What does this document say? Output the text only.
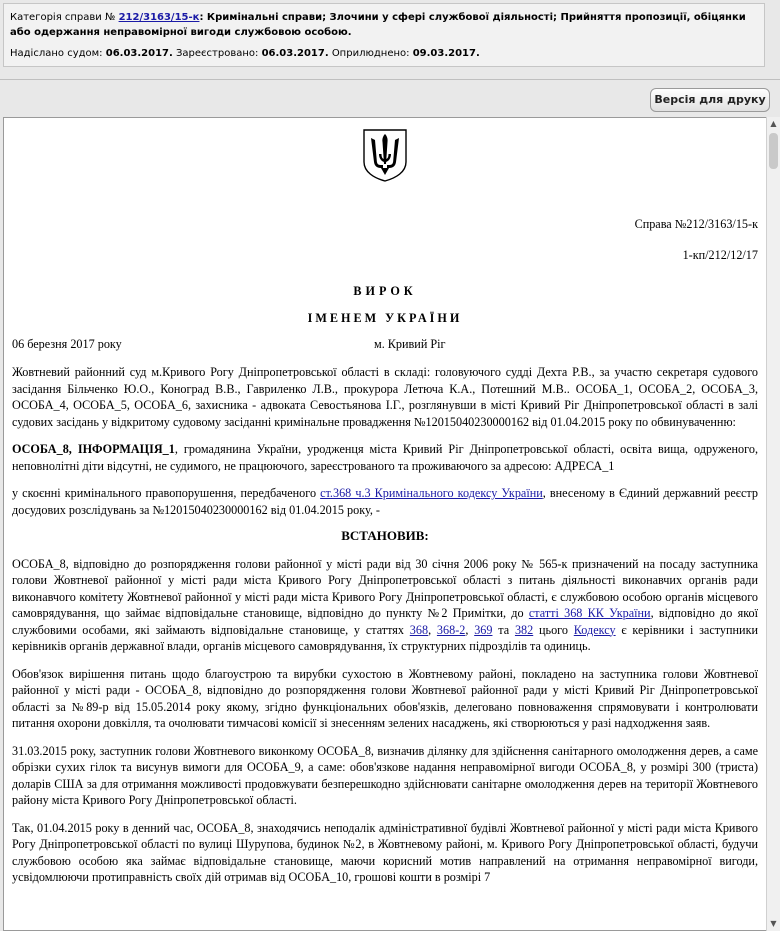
Категорія справи № 212/3163/15-к: Кримінальні справи; Злочини у сфері службової діяльності; Прийняття пропозиції, обіцянки або одержання неправомірної вигоди службовою особою.
Надіслано судом: 06.03.2017. Зареєстровано: 06.03.2017. Оприлюднено: 09.03.2017.
Версія для друку
Справа №212/3163/15-к
1-кп/212/12/17
ВИРОК
ІМЕНЕМ УКРАЇНИ
06 березня 2017 року	м. Кривий Ріг

Жовтневий районний суд м.Кривого Рогу Дніпропетровської області в складі: головуючого судді Дехта Р.В., за участю секретаря судового засідання Більченко Ю.О., Коноград В.В., Гавриленко Л.В., прокурора Летюча К.А., Потешний М.В.. ОСОБА_1, ОСОБА_2, ОСОБА_3, ОСОБА_4, ОСОБА_5, ОСОБА_6, захисника - адвоката Севостьянова І.Г., розглянувши в місті Кривий Ріг Дніпропетровської області в залі судових засідань у відкритому судовому засіданні кримінальне провадження №12015040230000162 від 01.04.2015 року по обвинуваченню:

ОСОБА_8, ІНФОРМАЦІЯ_1, громадянина України, уродженця міста Кривий Ріг Дніпропетровської області, освіта вища, одруженого, неповнолітні діти відсутні, не судимого, не працюючого, зареєстрованого та проживаючого за адресою: АДРЕСА_1

у скоєнні кримінального правопорушення, передбаченого ст.368 ч.3 Кримінального кодексу України, внесеному в Єдиний державний реєстр досудових розслідувань за №12015040230000162 від 01.04.2015 року, -

ВСТАНОВИВ:

ОСОБА_8, відповідно до розпорядження голови районної у місті ради від 30 січня 2006 року № 565-к призначений на посаду заступника голови Жовтневої районної у місті ради міста Кривого Рогу Дніпропетровської області з питань діяльності виконавчих органів ради виконавчого комітету Жовтневої районної у місті ради міста Кривого Рогу Дніпропетровської області, є службовою особою органів місцевого самоврядування, що займає відповідальне становище, відповідно до пункту №2 Примітки, до статті 368 КК України, відповідно до якої службовими особами, які займають відповідальне становище, у статтях 368, 368-2, 369 та 382 цього Кодексу є керівники і заступники керівників органів державної влади, органів місцевого самоврядування, їх структурних підрозділів та одиниць.

Обов'язок вирішення питань щодо благоустрою та вирубки сухостою в Жовтневому районі, покладено на заступника голови Жовтневої районної у місті ради - ОСОБА_8, відповідно до розпорядження голови Жовтневої районної ради у місті Кривий Ріг Дніпропетровської області за №89-р від 15.05.2014 року якому, згідно функціональних обов'язків, делеговано повноваження спрямовувати і контролювати питання охорони довкілля, та очолювати тимчасові комісії зі знесенням зелених насаджень, які створюються у разі надходження заяв.

31.03.2015 року, заступник голови Жовтневого виконкому ОСОБА_8, визначив ділянку для здійснення санітарного омолодження дерев, а саме обрізки сухих гілок та висунув вимоги для ОСОБА_9, а саме: обов'язкове надання неправомірної вигоди ОСОБА_8, у розмірі 300 (триста) доларів США за для отримання можливості продовжувати безперешкодно здійснювати санітарне омолодження дерев на території Жовтневого району міста Кривого Рогу Дніпропетровської області.

Так, 01.04.2015 року в денний час, ОСОБА_8, знаходячись неподалік адміністративної будівлі Жовтневої районної у місті ради міста Кривого Рогу Дніпропетровської області по вулиці Шурупова, будинок №2, в Жовтневому районі, м. Кривого Рогу Дніпропетровської області, будучи службовою особою яка займає відповідальне становище, маючи корисний мотив направлений на отримання неправомірної вигоди, усвідомлюючи протиправність своїх дій отримав від ОСОБА_10, грошові кошти в розмірі 7

▲
▼
